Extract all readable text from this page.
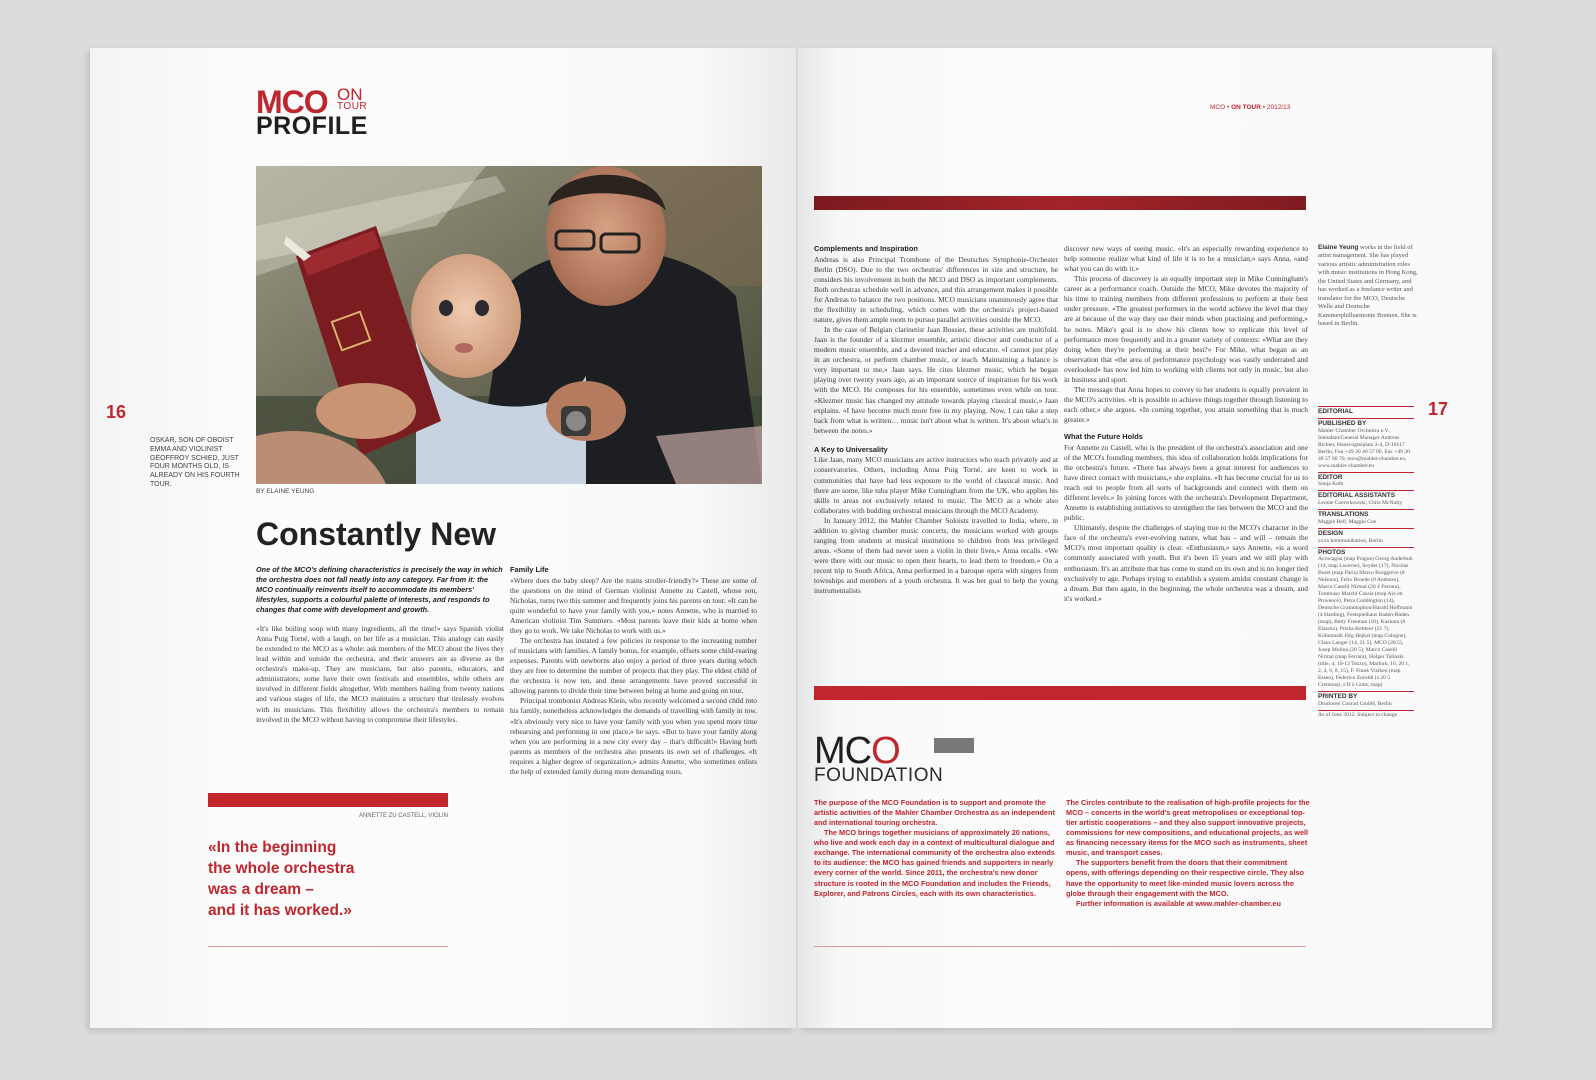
MCO ON
TOUR
PROFILE
16
OSKAR, SON OF OBOIST EMMA AND VIOLINIST GEOFFROY SCHIED, JUST FOUR MONTHS OLD, IS ALREADY ON HIS FOURTH TOUR.
BY ELAINE YEUNG
Constantly New
One of the MCO's defining characteristics is precisely the way in which the orchestra does not fall neatly into any category. Far from it: the MCO continually reinvents itself to accommodate its members' lifestyles, supports a colourful palette of interests, and responds to changes that come with development and growth.

«It's like boiling soup with many ingredients, all the time!» says Spanish violist Anna Puig Torné, with a laugh, on her life as a musician. This analogy can easily be extended to the MCO as a whole: ask members of the MCO about the lives they lead within and outside the orchestra, and their answers are as diverse as the orchestra's make-up. They are musicians, but also parents, educators, and administrators; some have their own festivals and ensembles, while others are involved in different fields altogether. With members hailing from twenty nations and various stages of life, the MCO maintains a structure that tirelessly evolves with its musicians. This flexibility allows the orchestra's members to remain involved in the MCO without having to compromise their lifestyles.

Family Life

«Where does the baby sleep? Are the trains stroller-friendly?» These are some of the questions on the mind of German violinist Annette zu Castell, whose son, Nicholas, turns two this summer and frequently joins his parents on tour. «It can be quite wonderful to have your family with you,» notes Annette, who is married to American violinist Tim Summers. «Most parents leave their kids at home when they go to work. We take Nicholas to work with us.»

The orchestra has instated a few policies in response to the increasing number of musicians with families. A family bonus, for example, offsets some child-rearing expenses. Parents with newborns also enjoy a period of three years during which they are free to determine the number of projects that they play. The eldest child of the orchestra is now ten, and these arrangements have proved successful in allowing parents to divide their time between being at home and going on tour.

Principal trombonist Andreas Klein, who recently welcomed a second child into his family, nonetheless acknowledges the demands of travelling with family in tow. «It's obviously very nice to have your family with you when you spend more time rehearsing and performing in one place,» he says. «But to have your family along when you are performing in a new city every day – that's difficult!» Having both parents as members of the orchestra also presents its own set of challenges. «It requires a higher degree of organization,» admits Annette, who sometimes enlists the help of extended family during more demanding tours.

ANNETTE ZU CASTELL, VIOLIN
«In the beginning
the whole orchestra
was a dream –
and it has worked.»
MCO • ON TOUR • 2012/13
Complements and Inspiration

Andreas is also Principal Trombone of the Deutsches Symphonie-Orchester Berlin (DSO). Due to the two orchestras' differences in size and structure, he considers his involvement in both the MCO and DSO as important complements. Both orchestras schedule well in advance, and this arrangement makes it possible for Andreas to balance the two positions. MCO musicians unanimously agree that the flexibility in scheduling, which comes with the orchestra's project-based nature, gives them ample room to pursue parallel activities outside the MCO.

In the case of Belgian clarinetist Jaan Bossier, these activities are multifold. Jaan is the founder of a klezmer ensemble, artistic director and conductor of a modern music ensemble, and a devoted teacher and educator. «I cannot just play in an orchestra, or perform chamber music, or teach. Maintaining a balance is very important to me,» Jaan says. He cites klezmer music, which he began playing over twenty years ago, as an important source of inspiration for his work with the MCO. He composes for his ensemble, sometimes even while on tour. «Klezmer music has changed my attitude towards playing classical music,» Jaan explains. «I have become much more free in my playing. Now, I can take a step back from what is written… music isn't about what is written. It's about what's in between the notes.»

A Key to Universality

Like Jaan, many MCO musicians are active instructors who teach privately and at conservatories. Others, including Anna Puig Torné, are keen to work in communities that have had less exposure to the world of classical music. And there are some, like tuba player Mike Cunningham from the UK, who applies his skills to areas not exclusively related to music. The MCO as a whole also collaborates with budding orchestral musicians through the MCO Academy.

In January 2012, the Mahler Chamber Soloists travelled to India, where, in addition to giving chamber music concerts, the musicians worked with groups ranging from students at musical institutions to children from less privileged areas. «Some of them had never seen a violin in their lives,» Anna recalls. «We were there with our music to open their hearts, to lead them to freedom.» On a recent trip to South Africa, Anna performed in a baroque opera with singers from townships and members of a youth orchestra. It was her goal to help the young instrumentalists

discover new ways of seeing music. «It's an especially rewarding experience to help someone realize what kind of life it is to be a musician,» says Anna, «and what you can do with it.»

This process of discovery is an equally important step in Mike Cunningham's career as a performance coach. Outside the MCO, Mike devotes the majority of his time to training members from different professions to perform at their best under pressure. «The greatest performers in the world achieve the level that they are at because of the way they use their minds when practising and performing,» he notes. Mike's goal is to show his clients how to replicate this level of performance more frequently and in a greater variety of contexts: «What are they doing when they're performing at their best?» For Mike, what began as an observation that «the area of performance psychology was vastly underrated and overlooked» has now led him to working with clients not only in music, but also in business and sport.

The message that Anna hopes to convey to her students is equally prevalent in the MCO's activities. «It is possible to achieve things together through listening to each other,» she argues. «In coming together, you attain something that is much greater.»

What the Future Holds

For Annette zu Castell, who is the president of the orchestra's association and one of the MCO's founding members, this idea of collaboration holds implications for the orchestra's future. «There has always been a great interest for audiences to have direct contact with musicians,» she explains. «It has become crucial for us to reach out to people from all sorts of backgrounds and connect with them on different levels.» In joining forces with the orchestra's Development Department, Annette is establishing initiatives to strengthen the ties between the MCO and the public.

Ultimately, despite the challenges of staying true to the MCO's character in the face of the orchestra's ever-evolving nature, what has – and will – remain the MCO's most important quality is clear. «Enthusiasm,» says Annette, «is a word commonly associated with youth. But it's been 15 years and we still play with enthusiasm. It's an attribute that has come to stand on its own and is no longer tied exclusively to age. Perhaps trying to establish a system amidst constant change is a dream. But then again, in the beginning, the whole orchestra was a dream, and it's worked.»

Elaine Yeung works in the field of artist management. She has played various artistic administration roles with music institutions in Hong Kong, the United States and Germany, and has worked as a freelance writer and translator for the MCO, Deutsche Welle and Deutsche Kammerphilharmonie Bremen. She is based in Berlin.
17
EDITORIAL
PUBLISHED BY
Mahler Chamber Orchestra e.V., Intendant/General Manager Andreas Richter, Hausvogteiplatz 3-4, D-10117 Berlin, Fon +49 30 40 57 00, Fax +49 30 40 57 00 70, mco@mahler-chamber.eu, www.mahler-chamber.eu
EDITOR
Sonja Kolb
EDITORIAL ASSISTANTS
Leonie Czerwkowski, Chris McNulty
TRANSLATIONS
Maggie Bell, Maggie Coe
DESIGN
xxxx kommunikation, Berlin
PHOTOS
Acrocagua (map Prague) Georg Anderhub (14, map Lucerne), Seyder (17), Nicolas Borel (map Paris) Marco Borggreve (8 Nelsons), Felix Broede (8 Andsnes), Marco Caselli Nirmal (20 4 Ferrara), Tommaso Marchi Cassia (map Aix en Provence), Petra Coddington (14), Deutsche Grammophon/Harald Hoffmann (4 Harding), Festspielhaus Baden-Baden (map), Betty Freeman (10), Kaskara (8 Elsacks), Priska Ketterer (21 7), Kölnmusik Jörg Hejkal (map Cologne), Claus Langer (14, 21 5), MCO (20 5), Josep Molina (20 5), Marco Caselli Nirmal (map Ferrara), Holger Talinski (title, 4, 10-12 Tezzo), Marliuk, 16, 20 1, 2, 4, 6, 8, 15), F. Frank Visiken (map Essen), Federico Zoroldi (s 20 5 Cremona), s'D ö Gutts, map)
PRINTED BY
Druckerei Conrad GmbH, Berlin
As of June 2012. Subject to change
MCO
FOUNDATION

The purpose of the MCO Foundation is to support and promote the artistic activities of the Mahler Chamber Orchestra as an independent and international touring orchestra.

The MCO brings together musicians of approximately 20 nations, who live and work each day in a context of multicultural dialogue and exchange. The international community of the orchestra also extends to its audience: the MCO has gained friends and supporters in nearly every corner of the world. Since 2011, the orchestra's new donor structure is rooted in the MCO Foundation and includes the Friends, Explorer, and Patrons Circles, each with its own characteristics.

The Circles contribute to the realisation of high-profile projects for the MCO – concerts in the world's great metropolises or exceptional top-tier artistic cooperations – and they also support innovative projects, commissions for new compositions, and educational projects, as well as financing necessary items for the MCO such as instruments, sheet music, and transport cases.

The supporters benefit from the doors that their commitment opens, with offerings depending on their respective circle. They also have the opportunity to meet like-minded music lovers across the globe through their engagement with the MCO.

Further information is available at www.mahler-chamber.eu
